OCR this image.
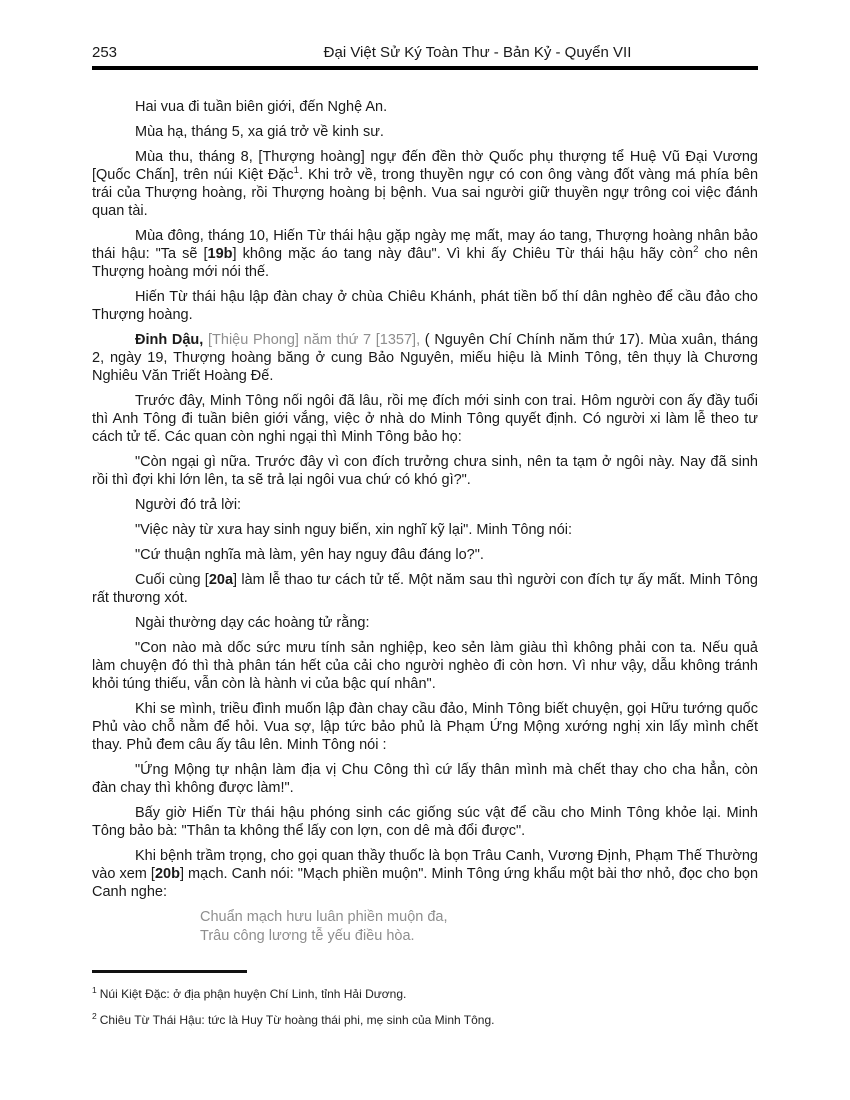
253	Đại Việt Sử Ký Toàn Thư - Bản Kỷ - Quyển VII

Hai vua đi tuần biên giới, đến Nghệ An.

Mùa hạ, tháng 5, xa giá trở về kinh sư.

Mùa thu, tháng 8, [Thượng hoàng] ngự đến đền thờ Quốc phụ thượng tể Huệ Vũ Đại Vương [Quốc Chấn], trên núi Kiệt Đặc$^1$. Khi trở về, trong thuyền ngự có con ông vàng đốt vàng má phía bên trái của Thượng hoàng, rồi Thượng hoàng bị bệnh. Vua sai người giữ thuyền ngự trông coi việc đánh quan tài.

Mùa đông, tháng 10, Hiến Từ thái hậu gặp ngày mẹ mất, may áo tang, Thượng hoàng nhân bảo thái hậu: "Ta sẽ [19b] không mặc áo tang này đâu". Vì khi ấy Chiêu Từ thái hậu hãy còn$^2$ cho nên Thượng hoàng mới nói thế.

Hiến Từ thái hậu lập đàn chay ở chùa Chiêu Khánh, phát tiền bố thí dân nghèo để cầu đảo cho Thượng hoàng.

Đinh Dậu, [Thiệu Phong] năm thứ 7 [1357], ( Nguyên Chí Chính năm thứ 17). Mùa xuân, tháng 2, ngày 19, Thượng hoàng băng ở cung Bảo Nguyên, miếu hiệu là Minh Tông, tên thụy là Chương Nghiêu Văn Triết Hoàng Đế.

Trước đây, Minh Tông nối ngôi đã lâu, rồi mẹ đích mới sinh con trai. Hôm người con ấy đầy tuổi thì Anh Tông đi tuần biên giới vắng, việc ở nhà do Minh Tông quyết định. Có người xi làm lễ theo tư cách tử tế. Các quan còn nghi ngại thì Minh Tông bảo họ:

"Còn ngại gì nữa. Trước đây vì con đích trưởng chưa sinh, nên ta tạm ở ngôi này. Nay đã sinh rồi thì đợi khi lớn lên, ta sẽ trả lại ngôi vua chứ có khó gì?".

Người đó trả lời:

"Việc này từ xưa hay sinh nguy biến, xin nghĩ kỹ lại". Minh Tông nói:

"Cứ thuận nghĩa mà làm, yên hay nguy đâu đáng lo?".

Cuối cùng [20a] làm lễ thao tư cách tử tế. Một năm sau thì người con đích tự ấy mất. Minh Tông rất thương xót.

Ngài thường dạy các hoàng tử rằng:

"Con nào mà dốc sức mưu tính sản nghiệp, keo sẻn làm giàu thì không phải con ta. Nếu quả làm chuyện đó thì thà phân tán hết của cải cho người nghèo đi còn hơn. Vì như vậy, dẫu không tránh khỏi túng thiếu, vẫn còn là hành vi của bậc quí nhân".

Khi se mình, triều đình muốn lập đàn chay cầu đảo, Minh Tông biết chuyện, gọi Hữu tướng quốc Phủ vào chỗ nằm để hỏi. Vua sợ, lập tức bảo phủ là Phạm Ứng Mộng xướng nghị xin lấy mình chết thay. Phủ đem câu ấy tâu lên. Minh Tông nói :

"Ứng Mộng tự nhận làm địa vị Chu Công thì cứ lấy thân mình mà chết thay cho cha hẳn, còn đàn chay thì không được làm!".

Bấy giờ Hiến Từ thái hậu phóng sinh các giống súc vật để cầu cho Minh Tông khỏe lại. Minh Tông bảo bà: "Thân ta không thể lấy con lợn, con dê mà đổi được".

Khi bệnh trầm trọng, cho gọi quan thầy thuốc là bọn Trâu Canh, Vương Định, Phạm Thế Thường vào xem [20b] mạch. Canh nói: "Mạch phiền muộn". Minh Tông ứng khẩu một bài thơ nhỏ, đọc cho bọn Canh nghe:

Chuẩn mạch hưu luân phiền muộn đa,
Trâu công lương tễ yếu điều hòa.
$^1$ Núi Kiệt Đặc: ở địa phận huyện Chí Linh, tỉnh Hải Dương.
$^2$ Chiêu Từ Thái Hậu: tức là Huy Từ hoàng thái phi, mẹ sinh của Minh Tông.
